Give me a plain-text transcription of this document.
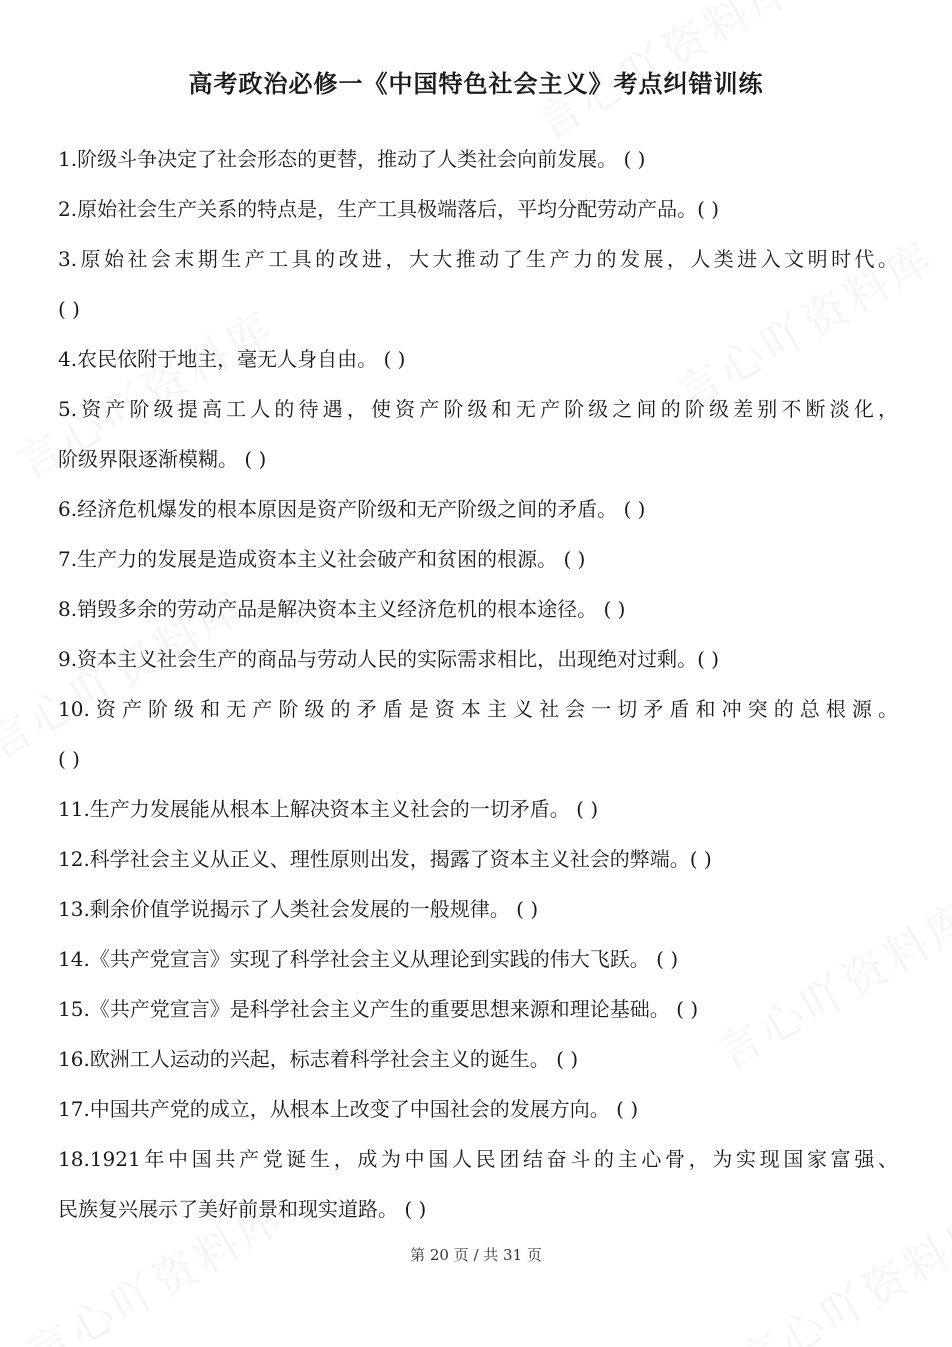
高考政治必修一《中国特色社会主义》考点纠错训练
1.阶级斗争决定了社会形态的更替，推动了人类社会向前发展。 ( )
2.原始社会生产关系的特点是，生产工具极端落后，平均分配劳动产品。( )
3.原始社会末期生产工具的改进，大大推动了生产力的发展，人类进入文明时代。
( )
4.农民依附于地主，毫无人身自由。 ( )
5.资产阶级提高工人的待遇，使资产阶级和无产阶级之间的阶级差别不断淡化，
阶级界限逐渐模糊。 ( )
6.经济危机爆发的根本原因是资产阶级和无产阶级之间的矛盾。 ( )
7.生产力的发展是造成资本主义社会破产和贫困的根源。 ( )
8.销毁多余的劳动产品是解决资本主义经济危机的根本途径。 ( )
9.资本主义社会生产的商品与劳动人民的实际需求相比，出现绝对过剩。( )
10.资产阶级和无产阶级的矛盾是资本主义社会一切矛盾和冲突的总根源。
( )
11.生产力发展能从根本上解决资本主义社会的一切矛盾。 ( )
12.科学社会主义从正义、理性原则出发，揭露了资本主义社会的弊端。( )
13.剩余价值学说揭示了人类社会发展的一般规律。 ( )
14.《共产党宣言》实现了科学社会主义从理论到实践的伟大飞跃。 ( )
15.《共产党宣言》是科学社会主义产生的重要思想来源和理论基础。 ( )
16.欧洲工人运动的兴起，标志着科学社会主义的诞生。 ( )
17.中国共产党的成立，从根本上改变了中国社会的发展方向。 ( )
18.1921年中国共产党诞生，成为中国人民团结奋斗的主心骨，为实现国家富强、
民族复兴展示了美好前景和现实道路。 ( )
第 20 页 / 共 31 页
